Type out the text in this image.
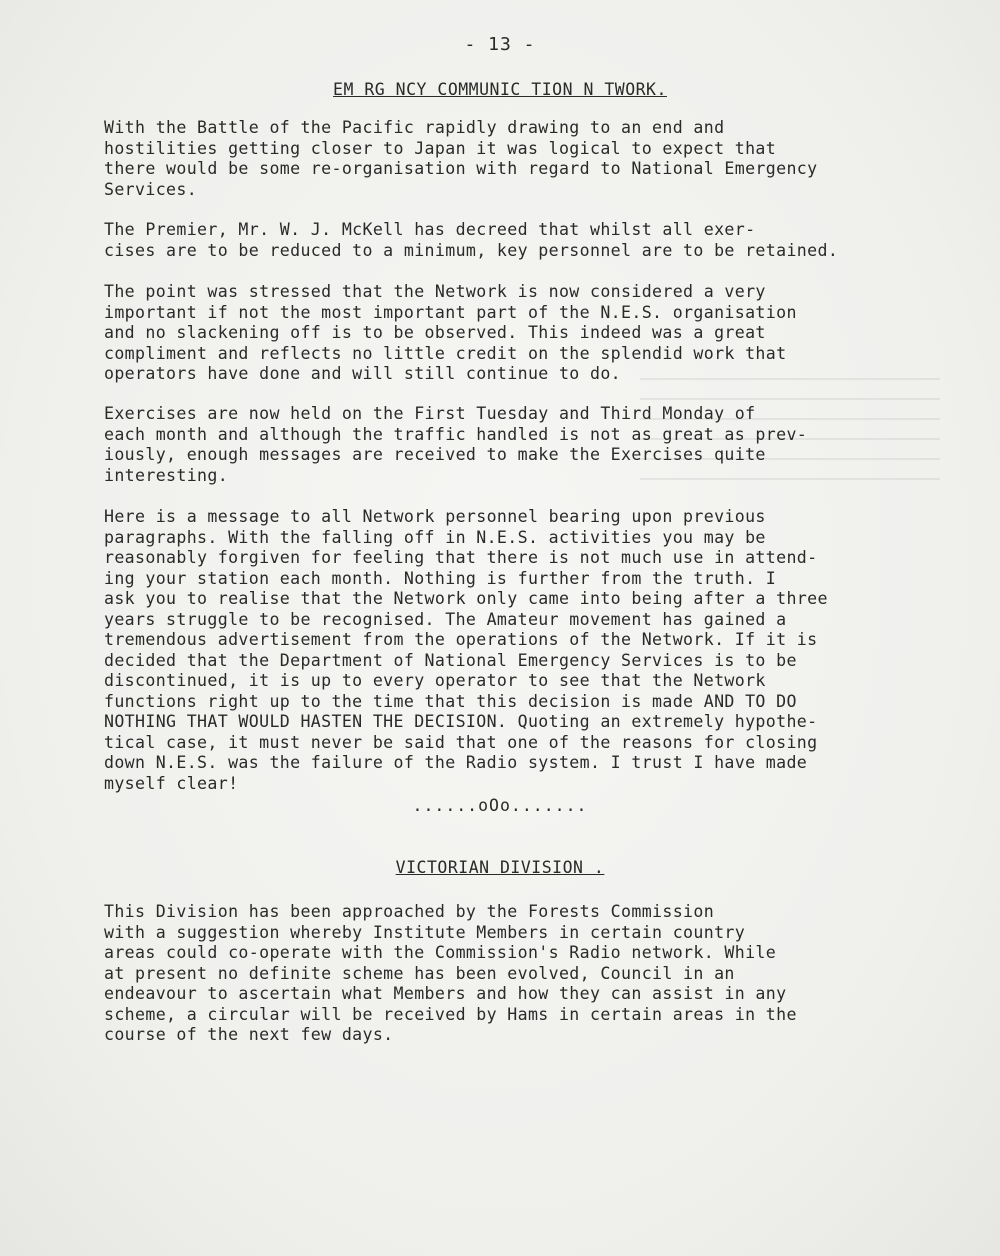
- 13 -
EM RG NCY COMMUNIC TION N TWORK.

With the Battle of the Pacific rapidly drawing to an end and
hostilities getting closer to Japan it was logical to expect that
there would be some re-organisation with regard to National Emergency
Services.

The Premier, Mr. W. J. McKell has decreed that whilst all exer-
cises are to be reduced to a minimum, key personnel are to be retained.

The point was stressed that the Network is now considered a very
important if not the most important part of the N.E.S. organisation
and no slackening off is to be observed. This indeed was a great
compliment and reflects no little credit on the splendid work that
operators have done and will still continue to do.

Exercises are now held on the First Tuesday and Third Monday of
each month and although the traffic handled is not as great as prev-
iously, enough messages are received to make the Exercises quite
interesting.

Here is a message to all Network personnel bearing upon previous
paragraphs. With the falling off in N.E.S. activities you may be
reasonably forgiven for feeling that there is not much use in attend-
ing your station each month. Nothing is further from the truth. I
ask you to realise that the Network only came into being after a three
years struggle to be recognised. The Amateur movement has gained a
tremendous advertisement from the operations of the Network. If it is
decided that the Department of National Emergency Services is to be
discontinued, it is up to every operator to see that the Network
functions right up to the time that this decision is made AND TO DO
NOTHING THAT WOULD HASTEN THE DECISION. Quoting an extremely hypothe-
tical case, it must never be said that one of the reasons for closing
down N.E.S. was the failure of the Radio system. I trust I have made
myself clear!

......oOo.......
VICTORIAN DIVISION .

This Division has been approached by the Forests Commission
with a suggestion whereby Institute Members in certain country
areas could co-operate with the Commission's Radio network. While
at present no definite scheme has been evolved, Council in an
endeavour to ascertain what Members and how they can assist in any
scheme, a circular will be received by Hams in certain areas in the
course of the next few days.
